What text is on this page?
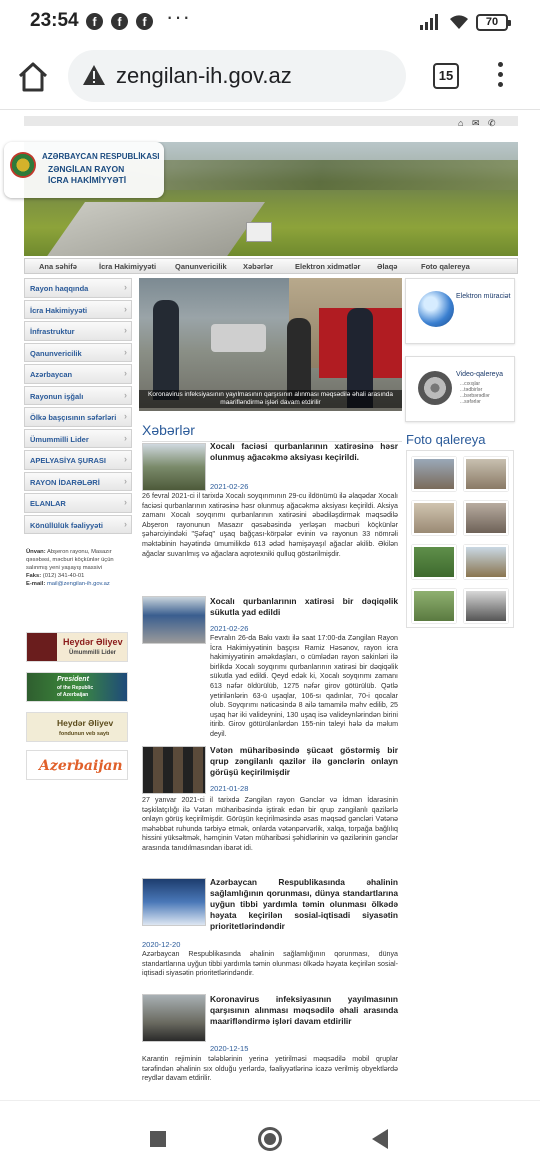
23:54	f	f	f ···	70
zengilan-ih.gov.az	15
⌂ ✉ ✆
AZƏRBAYCAN RESPUBLİKASI
ZƏNGİLAN RAYON
İCRA HAKİMİYYƏTİ
Ana səhifə	İcra Hakimiyyəti	Qanunvericilik Xəbərlər	Elektron xidmətlər Əlaqə	Foto qalereya
Rayon haqqında ›
İcra Hakimiyyəti ›
İnfrastruktur ›
Qanunvericilik ›
Azərbaycan ›
Rayonun işğalı ›
Ölkə başçısının səfərləri ›
Ümummilli Lider ›
APELYASİYA ŞURASI ›
RAYON İDARƏLƏRİ ›
ELANLAR ›
Könüllülük fəaliyyəti ›
Ünvan: Abşeron rayonu, Masazır qəsəbəsi, məcburi köçkünlər üçün salınmış yeni yaşayış massivi
Faks: (012) 341-40-01
E-mail: mail@zengilan-ih.gov.az
Heydər Əliyev
Ümummilli Lider
President
of the Republic
of Azerbaijan
Heydər Əliyev
fondunun veb saytı
Azerbaijan
Koronavirus infeksiyasının yayılmasının qarşısının alınması məqsədilə əhali arasında maarifləndirmə işləri davam etdirilir
Elektron müraciət
Video-qalereya
...cıxışlar
...tədbirlər
...bərbərədlər
...səfərlər
Foto qalereya
Xəbərlər
Xocalı faciəsi qurbanlarının xatirəsinə həsr olunmuş ağacəkmə aksiyası keçirildi.
2021-02-26
26 fevral 2021-ci il tarixdə Xocalı soyqırımının 29-cu ildönümü ilə əlaqədar Xocalı faciəsi qurbanlarının xatirəsinə həsr olunmuş ağacəkmə aksiyası keçirildi. Aksiya zamanı Xocalı soyqırımı qurbanlarının xatirəsini əbədiləşdirmək məqsədilə Abşeron rayonunun Masazır qəsəbəsində yerləşən məcburi köçkünlər şəhərciyindəki "Şəfəq" uşaq bağçası-körpələr evinin və rayonun 33 nömrəli məktəbinin həyətində ümumilikdə 613 ədəd həmişəyaşıl ağaclar əkilib. Əkilən ağaclar suvarılmış və ağaclara aqrotexniki qulluq göstərilmişdir.
Xocalı qurbanlarının xatirəsi bir dəqiqəlik sükutla yad edildi
2021-02-26
Fevralın 26-da Bakı vaxtı ilə saat 17:00-da Zəngilan Rayon İcra Hakimiyyətinin başçısı Ramiz Həsənov, rayon icra hakimiyyətinin əməkdaşları, o cümlədən rayon sakinləri ilə birlikdə Xocalı soyqırımı qurbanlarının xatirəsi bir dəqiqəlik sükutla yad edildi. Qeyd edək ki, Xocalı soyqırımı zamanı 613 nəfər öldürülüb, 1275 nəfər girov götürülüb. Qətlə yetirilənlərin 63-ü uşaqlar, 106-sı qadınlar, 70-i qocalar olub. Soyqırımı nəticəsində 8 ailə tamamilə məhv edilib, 25 uşaq hər iki valideynini, 130 uşaq isə valideynlərindən birini itirib. Girov götürülənlərdən 155-nin taleyi hələ də məlum deyil.
Vətən müharibəsində şücaət göstərmiş bir qrup zəngilanlı qazilər ilə gənclərin onlayn görüşü keçirilmişdir
2021-01-28
27 yanvar 2021-ci il tarixdə Zəngilan rayon Gənclər və İdman İdarəsinin təşkilatçılığı ilə Vətən müharibəsində iştirak edən bir qrup zəngilanlı qazilərlə onlayn görüş keçirilmişdir. Görüşün keçirilməsində əsas məqsəd gəncləri Vətənə məhəbbət ruhunda tərbiyə etmək, onlarda vətənpərvərlik, xalqa, torpağa bağlılıq hissini yüksəltmək, həmçinin Vətən müharibəsi şəhidlərinin və qazilərinin gənclər arasında tanıdılmasından ibarət idi.
Azərbaycan Respublikasında əhalinin sağlamlığının qorunması, dünya standartlarına uyğun tibbi yardımla təmin olunması ölkədə həyata keçirilən sosial-iqtisadi siyasətin prioritetlərindəndir
2020-12-20
Azərbaycan Respublikasında əhalinin sağlamlığının qorunması, dünya standartlarına uyğun tibbi yardımla təmin olunması ölkədə həyata keçirilən sosial-iqtisadi siyasətin prioritetlərindəndir.
Koronavirus infeksiyasının yayılmasının qarşısının alınması məqsədilə əhali arasında maarifləndirmə işləri davam etdirilir
2020-12-15
Karantin rejiminin tələblərinin yerinə yetirilməsi məqsədilə mobil qruplar tərəfindən əhalinin sıx olduğu yerlərdə, fəaliyyətlərinə icazə verilmiş obyektlərdə reydlər davam etdirilir.
